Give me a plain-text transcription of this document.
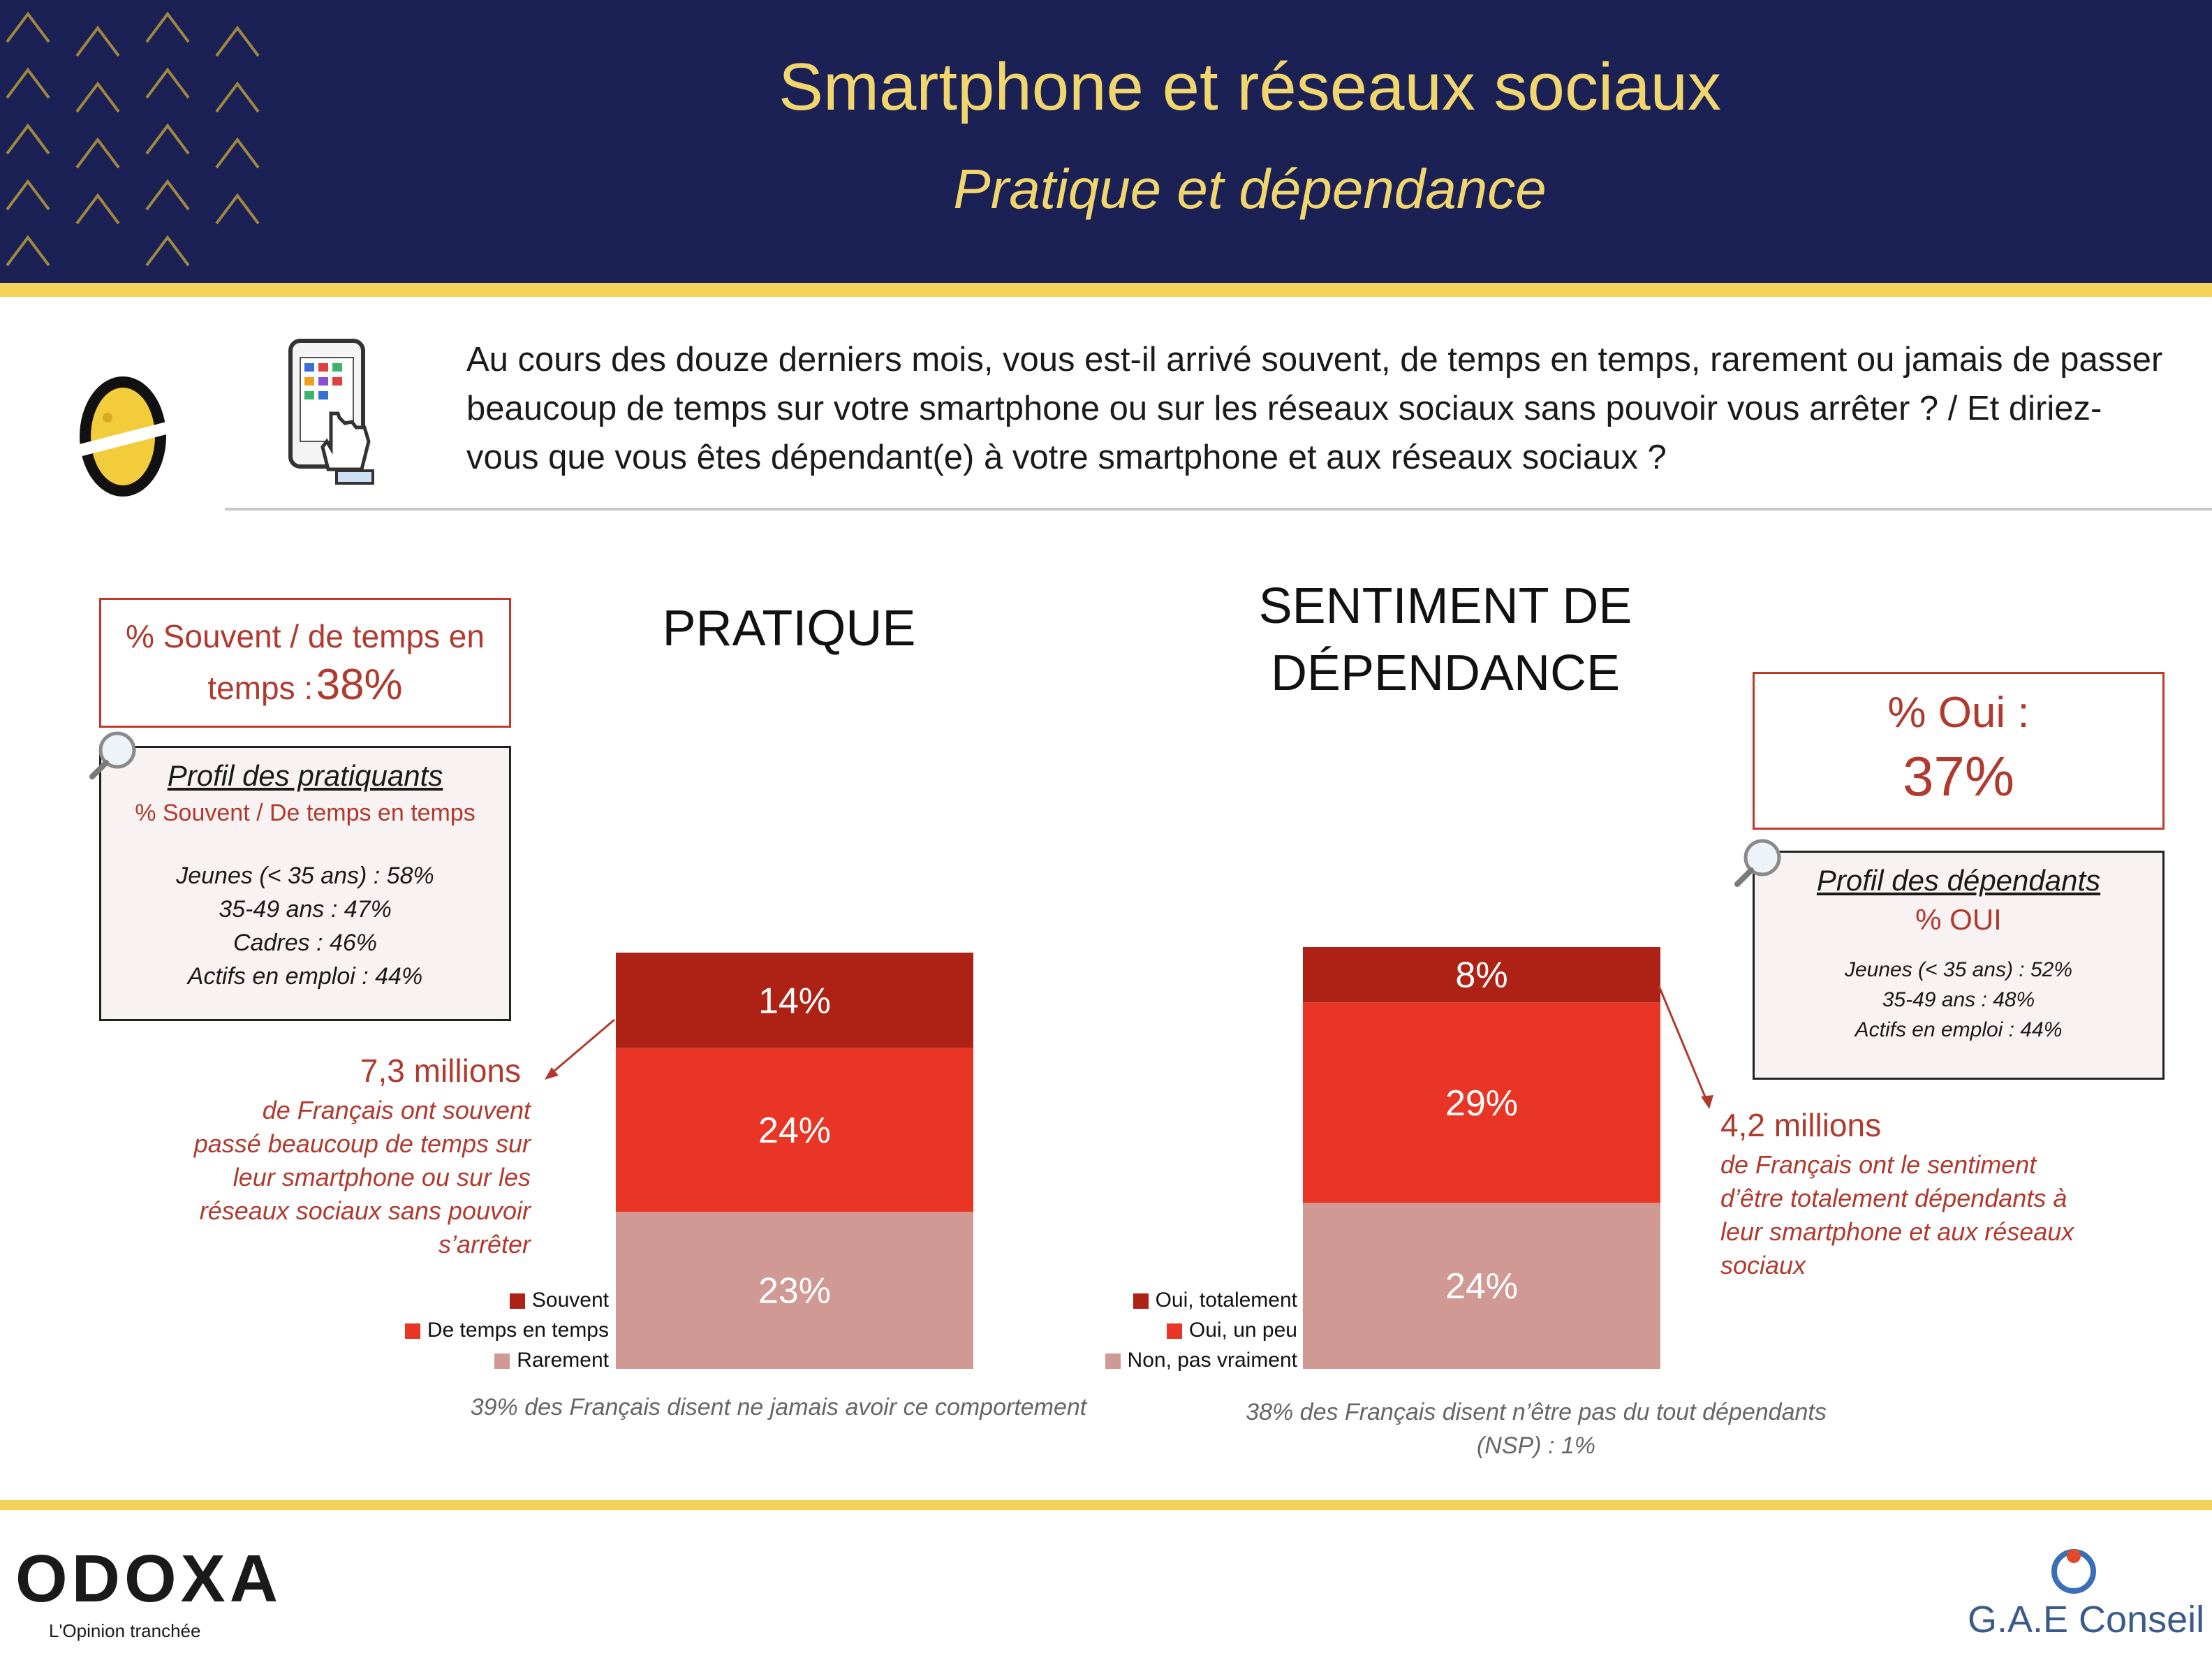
Smartphone et réseaux sociaux
Pratique et dépendance
Au cours des douze derniers mois, vous est-il arrivé souvent, de temps en temps, rarement ou jamais de passer beaucoup de temps sur votre smartphone ou sur les réseaux sociaux sans pouvoir vous arrêter ? / Et diriez-vous que vous êtes dépendant(e) à votre smartphone et aux réseaux sociaux ?
% Souvent / de temps en
temps : 38%
Profil des pratiquants
% Souvent / De temps en temps
Jeunes (< 35 ans) : 58%
35-49 ans : 47%
Cadres : 46%
Actifs en emploi : 44%
7,3 millions
de Français ont souvent
passé beaucoup de temps sur
leur smartphone ou sur les
réseaux sociaux sans pouvoir
s’arrêter
% Oui :
37%
Profil des dépendants
% OUI
Jeunes (< 35 ans) : 52%
35-49 ans : 48%
Actifs en emploi : 44%
4,2 millions
de Français ont le sentiment
d’être totalement dépendants à
leur smartphone et aux réseaux
sociaux
PRATIQUE	SENTIMENT DE
DÉPENDANCE
23%
24%
14%
24%
29%
8%
Souvent
De temps en temps
Rarement
Oui, totalement
Oui, un peu
Non, pas vraiment
39% des Français disent ne jamais avoir ce comportement	38% des Français disent n’être pas du tout dépendants
(NSP) : 1%
ODOXA
L'Opinion tranchée	G.A.E Conseil
